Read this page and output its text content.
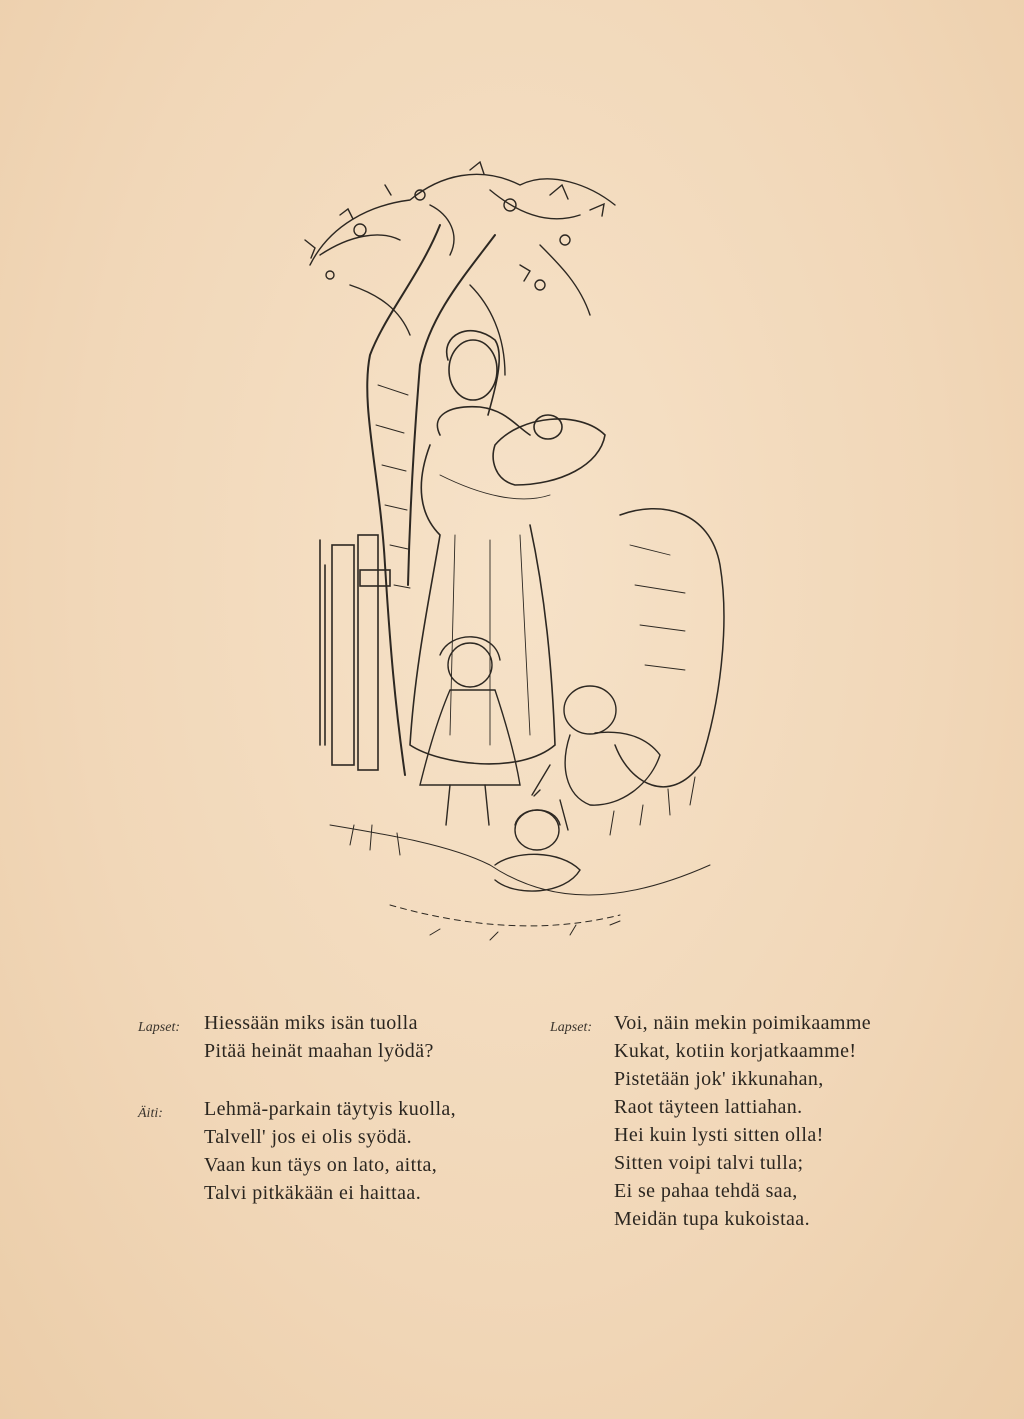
Lapset: Hiessään miks isän tuolla
Pitää heinät maahan lyödä?
Äiti: Lehmä-parkain täytyis kuolla,
Talvell' jos ei olis syödä.
Vaan kun täys on lato, aitta,
Talvi pitkäkään ei haittaa.
Lapset: Voi, näin mekin poimikaamme
Kukat, kotiin korjatkaamme!
Pistetään jok' ikkunahan,
Raot täyteen lattiahan.
Hei kuin lysti sitten olla!
Sitten voipi talvi tulla;
Ei se pahaa tehdä saa,
Meidän tupa kukoistaa.
